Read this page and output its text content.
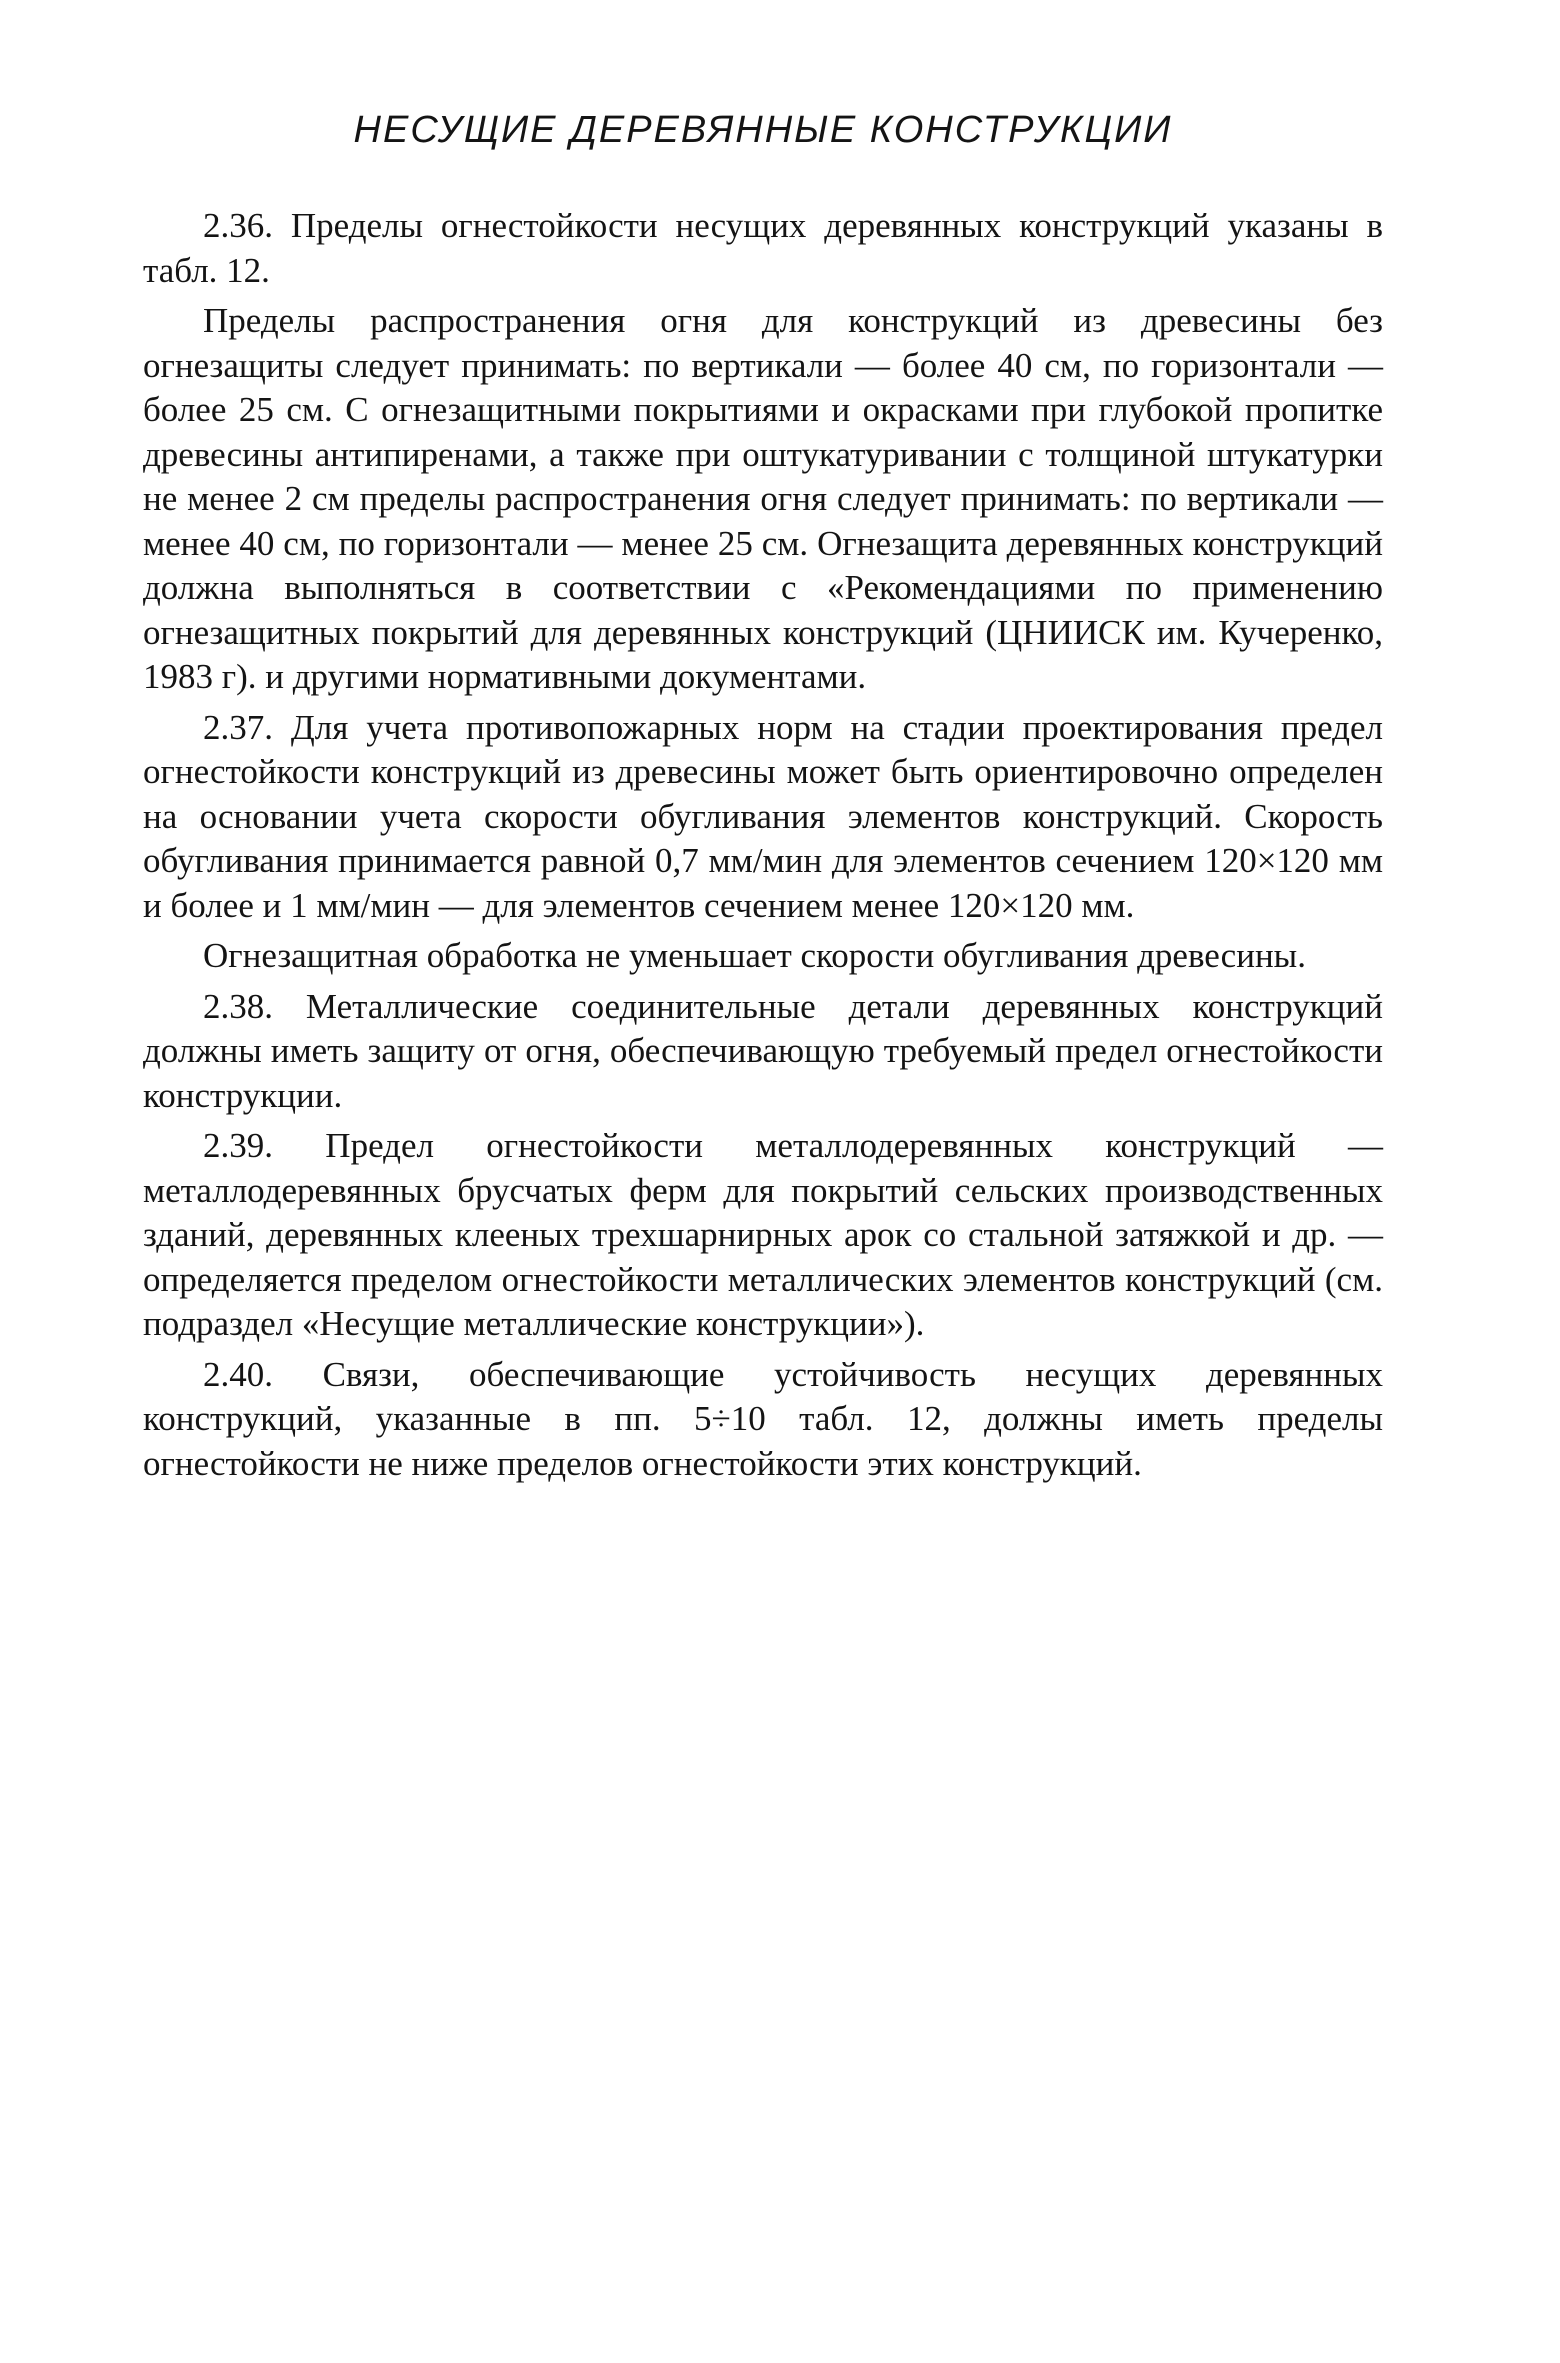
НЕСУЩИЕ ДЕРЕВЯННЫЕ КОНСТРУКЦИИ

2.36. Пределы огнестойкости несущих деревянных конструкций указаны в табл. 12.

Пределы распространения огня для конструкций из древесины без огнезащиты следует принимать: по вертикали — более 40 см, по горизонтали — более 25 см. С огнезащитными покрытиями и окрасками при глубокой пропитке древесины антипиренами, а также при оштукатуривании с толщиной штукатурки не менее 2 см пределы распространения огня следует принимать: по вертикали — менее 40 см, по горизонтали — менее 25 см. Огнезащита деревянных конструкций должна выполняться в соответствии с «Рекомендациями по применению огнезащитных покрытий для деревянных конструкций (ЦНИИСК им. Кучеренко, 1983 г). и другими нормативными документами.

2.37. Для учета противопожарных норм на стадии проектирования предел огнестойкости конструкций из древесины может быть ориентировочно определен на основании учета скорости обугливания элементов конструкций. Скорость обугливания принимается равной 0,7 мм/мин для элементов сечением 120×120 мм и более и 1 мм/мин — для элементов сечением менее 120×120 мм.

Огнезащитная обработка не уменьшает скорости обугливания древесины.

2.38. Металлические соединительные детали деревянных конструкций должны иметь защиту от огня, обеспечивающую требуемый предел огнестойкости конструкции.

2.39. Предел огнестойкости металлодеревянных конструкций — металлодеревянных брусчатых ферм для покрытий сельских производственных зданий, деревянных клееных трехшарнирных арок со стальной затяжкой и др. — определяется пределом огнестойкости металлических элементов конструкций (см. подраздел «Несущие металлические конструкции»).

2.40. Связи, обеспечивающие устойчивость несущих деревянных конструкций, указанные в пп. 5÷10 табл. 12, должны иметь пределы огнестойкости не ниже пределов огнестойкости этих конструкций.
